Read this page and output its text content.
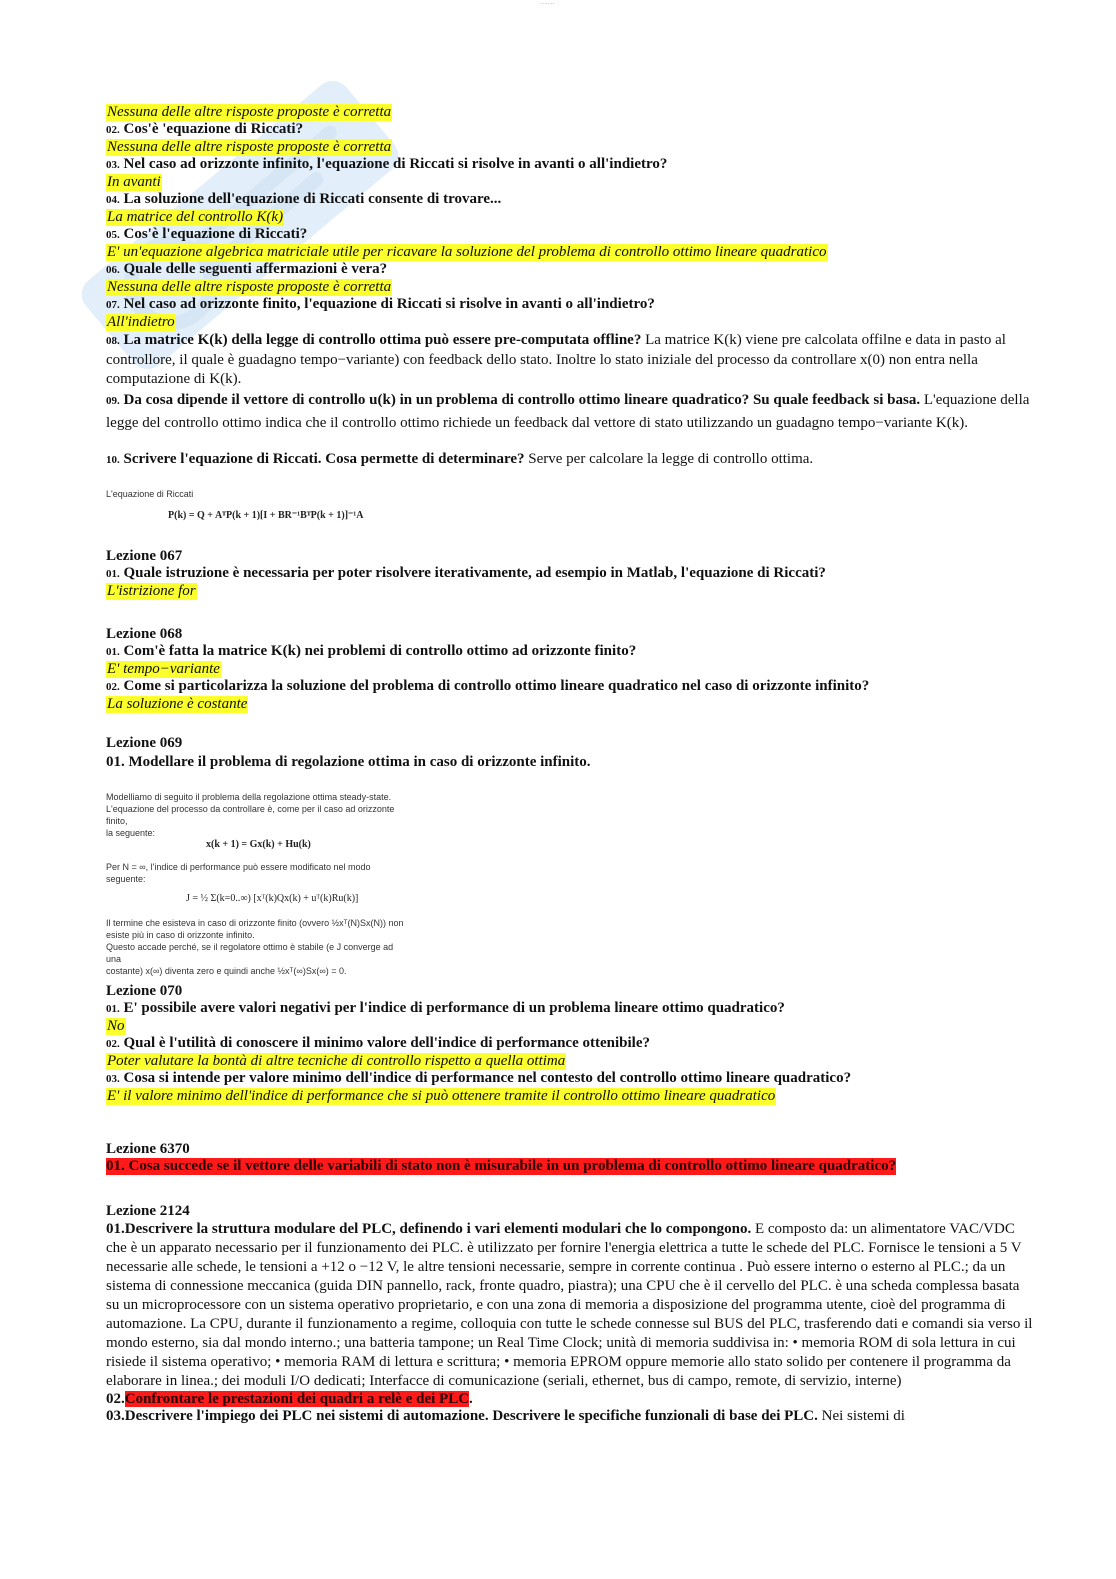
......
Nessuna delle altre risposte proposte è corretta
02. Cos'è 'equazione di Riccati?
Nessuna delle altre risposte proposte è corretta
03. Nel caso ad orizzonte infinito, l'equazione di Riccati si risolve in avanti o all'indietro?
In avanti
04. La soluzione dell'equazione di Riccati consente di trovare...
La matrice del controllo K(k)
05. Cos'è l'equazione di Riccati?
E' un'equazione algebrica matriciale utile per ricavare la soluzione del problema di controllo ottimo lineare quadratico
06. Quale delle seguenti affermazioni è vera?
Nessuna delle altre risposte proposte è corretta
07. Nel caso ad orizzonte finito, l'equazione di Riccati si risolve in avanti o all'indietro?
All'indietro
08. La matrice K(k) della legge di controllo ottima può essere pre-computata offline? La matrice K(k) viene pre calcolata offilne e data in pasto al controllore, il quale è guadagno tempo−variante) con feedback dello stato. Inoltre lo stato iniziale del processo da controllare x(0) non entra nella computazione di K(k).
09. Da cosa dipende il vettore di controllo u(k) in un problema di controllo ottimo lineare quadratico? Su quale feedback si basa. L'equazione della legge del controllo ottimo indica che il controllo ottimo richiede un feedback dal vettore di stato utilizzando un guadagno tempo−variante K(k).
10. Scrivere l'equazione di Riccati. Cosa permette di determinare? Serve per calcolare la legge di controllo ottima.
L'equazione di Riccati
P(k) = Q + AᵀP(k + 1)[I + BR⁻¹BᵀP(k + 1)]⁻¹A
Lezione 067
01. Quale istruzione è necessaria per poter risolvere iterativamente, ad esempio in Matlab, l'equazione di Riccati?
L'istrizione for
Lezione 068
01. Com'è fatta la matrice K(k) nei problemi di controllo ottimo ad orizzonte finito?
E' tempo−variante
02. Come si particolarizza la soluzione del problema di controllo ottimo lineare quadratico nel caso di orizzonte infinito?
La soluzione è costante
Lezione 069
01. Modellare il problema di regolazione ottima in caso di orizzonte infinito.
Modelliamo di seguito il problema della regolazione ottima steady-state.
L'equazione del processo da controllare è, come per il caso ad orizzonte finito,
la seguente:
x(k + 1) = Gx(k) + Hu(k)
Per N = ∞, l'indice di performance può essere modificato nel modo seguente:
J = ½ Σ(k=0..∞) [xᵀ(k)Qx(k) + uᵀ(k)Ru(k)]
Il termine che esisteva in caso di orizzonte finito (ovvero ½xᵀ(N)Sx(N)) non
esiste più in caso di orizzonte infinito.
Questo accade perché, se il regolatore ottimo è stabile (e J converge ad una
costante) x(∞) diventa zero e quindi anche ½xᵀ(∞)Sx(∞) = 0.
Lezione 070
01. E' possibile avere valori negativi per l'indice di performance di un problema lineare ottimo quadratico?
No
02. Qual è l'utilità di conoscere il minimo valore dell'indice di performance ottenibile?
Poter valutare la bontà di altre tecniche di controllo rispetto a quella ottima
03. Cosa si intende per valore minimo dell'indice di performance nel contesto del controllo ottimo lineare quadratico?
E' il valore minimo dell'indice di performance che si può ottenere tramite il controllo ottimo lineare quadratico
Lezione 6370
01. Cosa succede se il vettore delle variabili di stato non è misurabile in un problema di controllo ottimo lineare quadratico?
Lezione 2124
01.Descrivere la struttura modulare del PLC, definendo i vari elementi modulari che lo compongono. E composto da: un alimentatore VAC/VDC che è un apparato necessario per il funzionamento dei PLC. è utilizzato per fornire l'energia elettrica a tutte le schede del PLC. Fornisce le tensioni a 5 V necessarie alle schede, le tensioni a +12 o −12 V, le altre tensioni necessarie, sempre in corrente continua . Può essere interno o esterno al PLC.; da un sistema di connessione meccanica (guida DIN pannello, rack, fronte quadro, piastra); una CPU che è il cervello del PLC. è una scheda complessa basata su un microprocessore con un sistema operativo proprietario, e con una zona di memoria a disposizione del programma utente, cioè del programma di automazione. La CPU, durante il funzionamento a regime, colloquia con tutte le schede connesse sul BUS del PLC, trasferendo dati e comandi sia verso il mondo esterno, sia dal mondo interno.; una batteria tampone; un Real Time Clock; unità di memoria suddivisa in: • memoria ROM di sola lettura in cui risiede il sistema operativo; • memoria RAM di lettura e scrittura; • memoria EPROM oppure memorie allo stato solido per contenere il programma da elaborare in linea.; dei moduli I/O dedicati; Interfacce di comunicazione (seriali, ethernet, bus di campo, remote, di servizio, interne)
02.Confrontare le prestazioni dei quadri a relè e dei PLC.
03.Descrivere l'impiego dei PLC nei sistemi di automazione. Descrivere le specifiche funzionali di base dei PLC. Nei sistemi di
